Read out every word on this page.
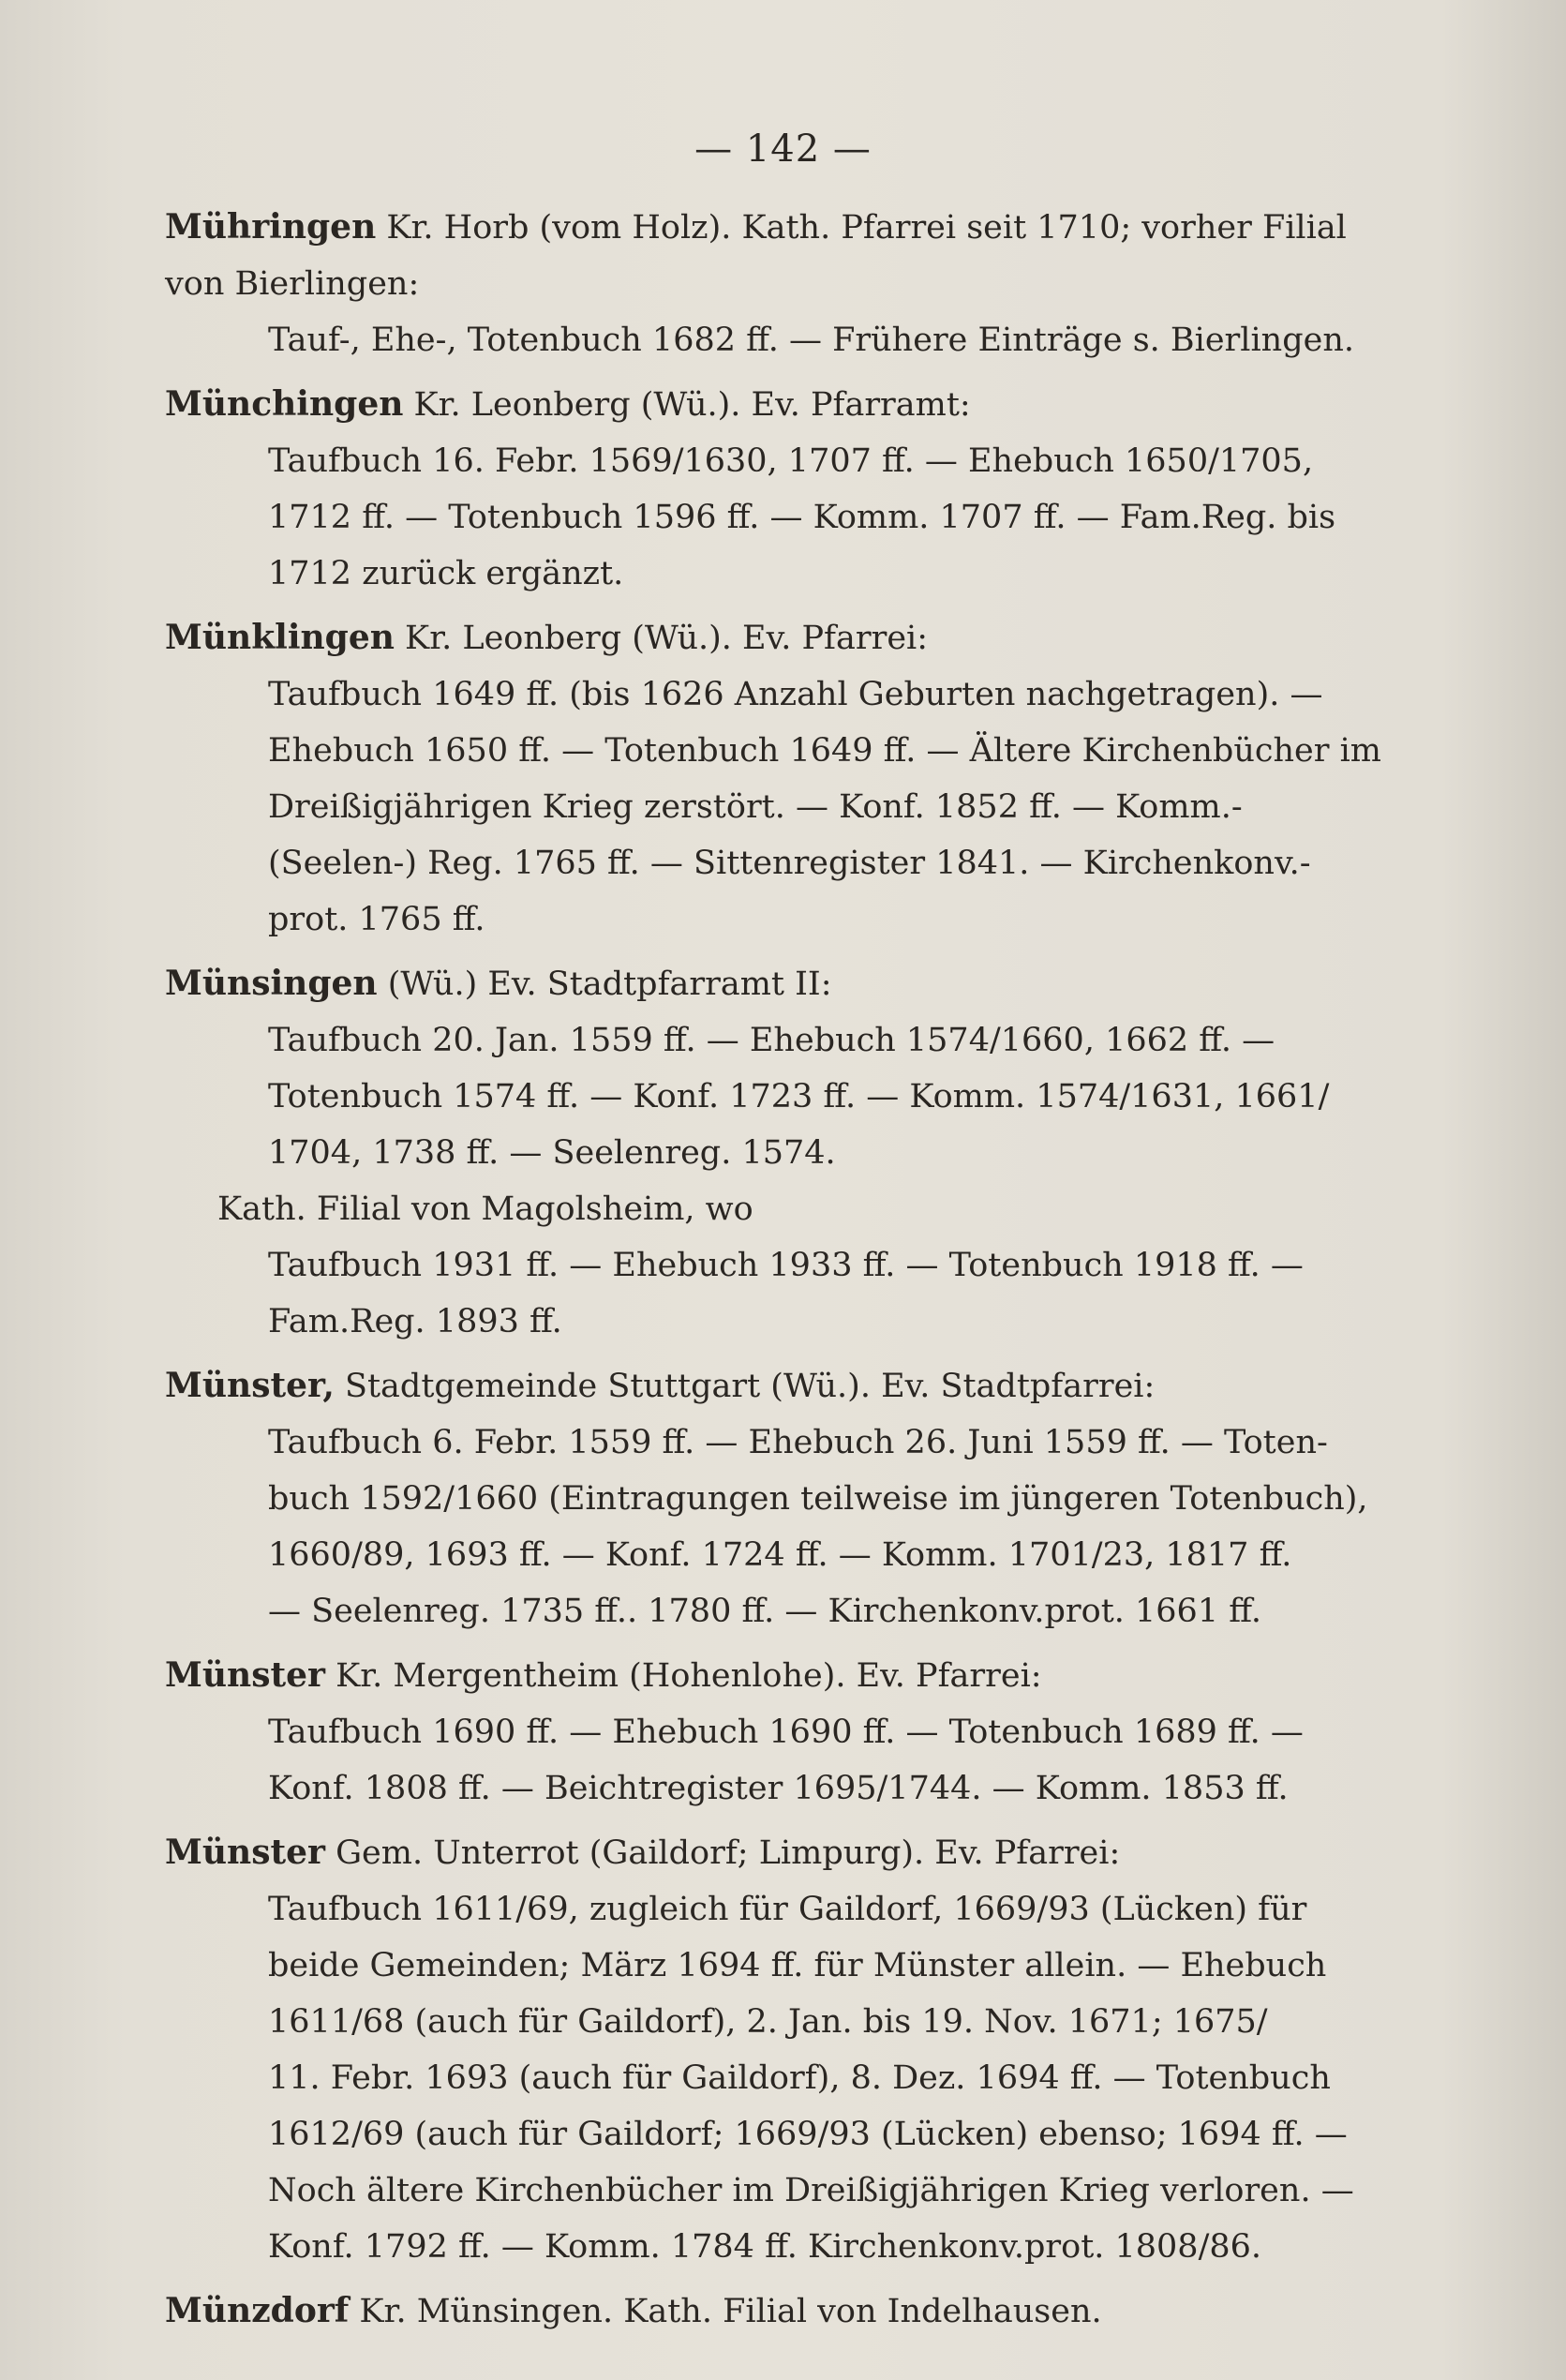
— 142 —
Mühringen Kr. Horb (vom Holz). Kath. Pfarrei seit 1710; vorher Filial
von Bierlingen:
Tauf-, Ehe-, Totenbuch 1682 ff. — Frühere Einträge s. Bierlingen.
Münchingen Kr. Leonberg (Wü.). Ev. Pfarramt:
Taufbuch 16. Febr. 1569/1630, 1707 ff. — Ehebuch 1650/1705,
1712 ff. — Totenbuch 1596 ff. — Komm. 1707 ff. — Fam.Reg. bis
1712 zurück ergänzt.
Münklingen Kr. Leonberg (Wü.). Ev. Pfarrei:
Taufbuch 1649 ff. (bis 1626 Anzahl Geburten nachgetragen). —
Ehebuch 1650 ff. — Totenbuch 1649 ff. — Ältere Kirchenbücher im
Dreißigjährigen Krieg zerstört. — Konf. 1852 ff. — Komm.-
(Seelen-) Reg. 1765 ff. — Sittenregister 1841. — Kirchenkonv.-
prot. 1765 ff.
Münsingen (Wü.) Ev. Stadtpfarramt II:
Taufbuch 20. Jan. 1559 ff. — Ehebuch 1574/1660, 1662 ff. —
Totenbuch 1574 ff. — Konf. 1723 ff. — Komm. 1574/1631, 1661/
1704, 1738 ff. — Seelenreg. 1574.
Kath. Filial von Magolsheim, wo
Taufbuch 1931 ff. — Ehebuch 1933 ff. — Totenbuch 1918 ff. —
Fam.Reg. 1893 ff.
Münster, Stadtgemeinde Stuttgart (Wü.). Ev. Stadtpfarrei:
Taufbuch 6. Febr. 1559 ff. — Ehebuch 26. Juni 1559 ff. — Toten-
buch 1592/1660 (Eintragungen teilweise im jüngeren Totenbuch),
1660/89, 1693 ff. — Konf. 1724 ff. — Komm. 1701/23, 1817 ff.
— Seelenreg. 1735 ff.. 1780 ff. — Kirchenkonv.prot. 1661 ff.
Münster Kr. Mergentheim (Hohenlohe). Ev. Pfarrei:
Taufbuch 1690 ff. — Ehebuch 1690 ff. — Totenbuch 1689 ff. —
Konf. 1808 ff. — Beichtregister 1695/1744. — Komm. 1853 ff.
Münster Gem. Unterrot (Gaildorf; Limpurg). Ev. Pfarrei:
Taufbuch 1611/69, zugleich für Gaildorf, 1669/93 (Lücken) für
beide Gemeinden; März 1694 ff. für Münster allein. — Ehebuch
1611/68 (auch für Gaildorf), 2. Jan. bis 19. Nov. 1671; 1675/
11. Febr. 1693 (auch für Gaildorf), 8. Dez. 1694 ff. — Totenbuch
1612/69 (auch für Gaildorf; 1669/93 (Lücken) ebenso; 1694 ff. —
Noch ältere Kirchenbücher im Dreißigjährigen Krieg verloren. —
Konf. 1792 ff. — Komm. 1784 ff. Kirchenkonv.prot. 1808/86.
Münzdorf Kr. Münsingen. Kath. Filial von Indelhausen.
